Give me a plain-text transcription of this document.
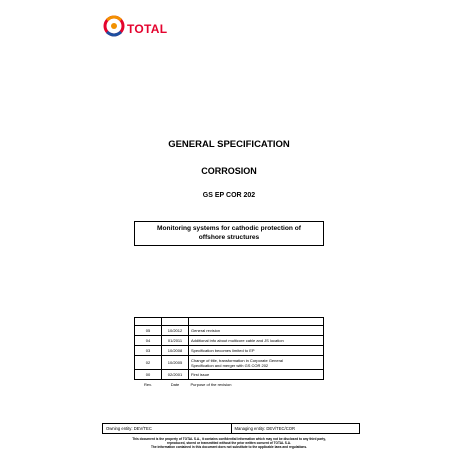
TOTAL
GENERAL SPECIFICATION
CORROSION
GS EP COR 202
Monitoring systems for cathodic protection of
offshore structures

05	10/2012	General revision
04	01/2011	Additional info about multicore cable and JS location
03	10/2008	Specification becomes limited to EP
02	10/2005	Change of title, transformation in Corporate General
Specification and merger with GS COR 202

00	02/2001	First issue
Rev.	Date	Purpose of the revision
Owning entity: DEV/TEC	Managing entity: DEV/TEC/COR
This document is the property of TOTAL S.A., it contains confidential information which may not be disclosed to any third party,
reproduced, stored or transmitted without the prior written consent of TOTAL S.A.
The information contained in this document does not substitute to the applicable laws and regulations.
